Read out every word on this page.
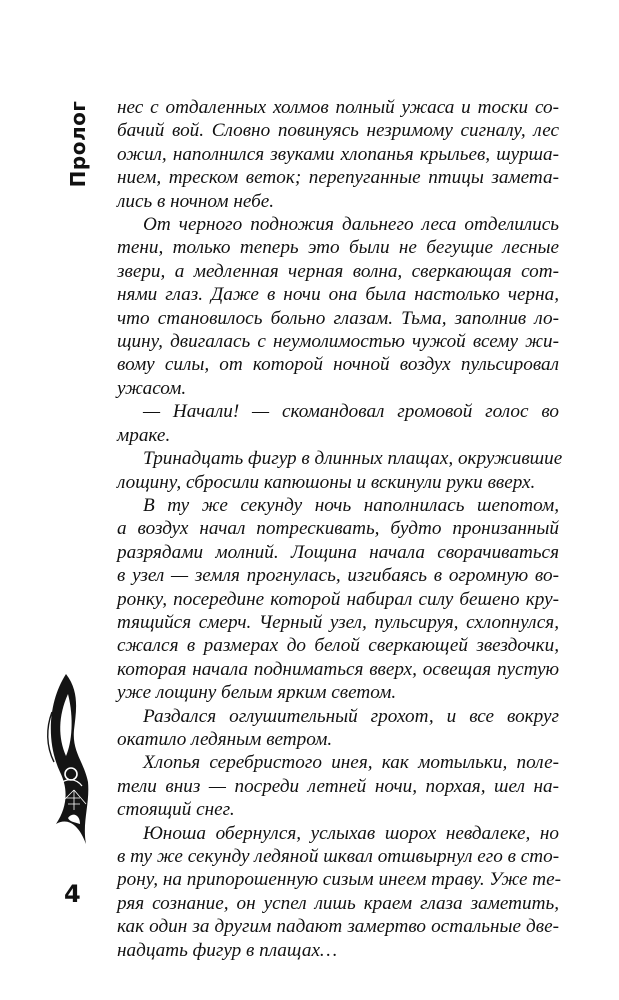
Пролог
4
нес с отдаленных холмов полный ужаса и тоски со-
бачий вой. Словно повинуясь незримому сигналу, лес
ожил, наполнился звуками хлопанья крыльев, шурша-
нием, треском веток; перепуганные птицы замета-
лись в ночном небе.
От черного подножия дальнего леса отделились
тени, только теперь это были не бегущие лесные
звери, а медленная черная волна, сверкающая сот-
нями глаз. Даже в ночи она была настолько черна,
что становилось больно глазам. Тьма, заполнив ло-
щину, двигалась с неумолимостью чужой всему жи-
вому силы, от которой ночной воздух пульсировал
ужасом.
— Начали! — скомандовал громовой голос во
мраке.
Тринадцать фигур в длинных плащах, окружившие
лощину, сбросили капюшоны и вскинули руки вверх.
В ту же секунду ночь наполнилась шепотом,
а воздух начал потрескивать, будто пронизанный
разрядами молний. Лощина начала сворачиваться
в узел — земля прогнулась, изгибаясь в огромную во-
ронку, посередине которой набирал силу бешено кру-
тящийся смерч. Черный узел, пульсируя, схлопнулся,
сжался в размерах до белой сверкающей звездочки,
которая начала подниматься вверх, освещая пустую
уже лощину белым ярким светом.
Раздался оглушительный грохот, и все вокруг
окатило ледяным ветром.
Хлопья серебристого инея, как мотыльки, поле-
тели вниз — посреди летней ночи, порхая, шел на-
стоящий снег.
Юноша обернулся, услыхав шорох невдалеке, но
в ту же секунду ледяной шквал отшвырнул его в сто-
рону, на припорошенную сизым инеем траву. Уже те-
ряя сознание, он успел лишь краем глаза заметить,
как один за другим падают замертво остальные две-
надцать фигур в плащах…
